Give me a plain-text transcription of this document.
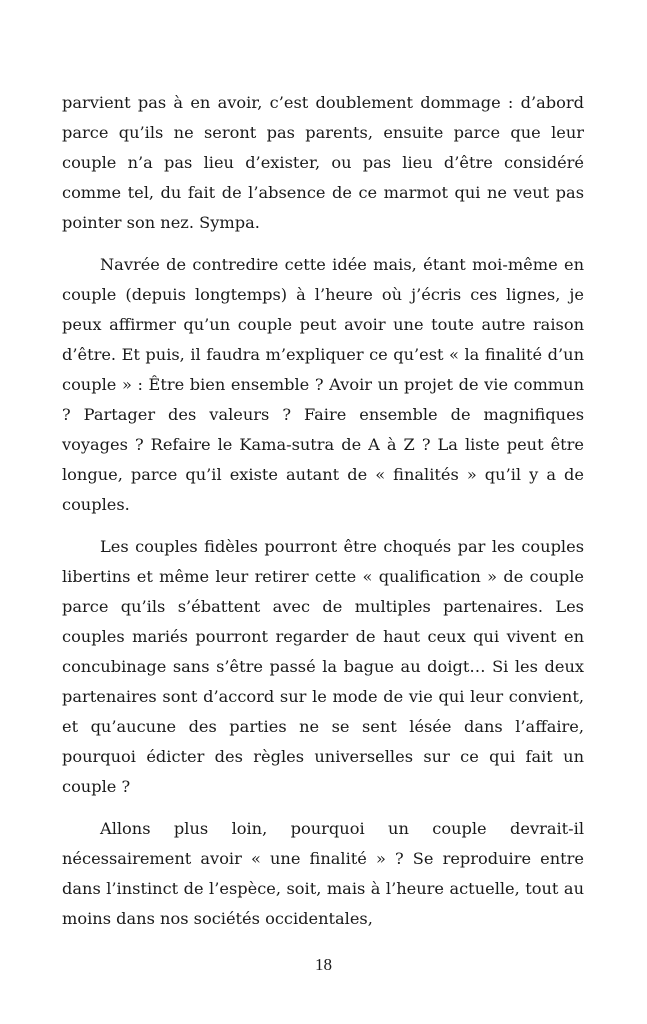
parvient pas à en avoir, c’est doublement dommage : d’abord parce qu’ils ne seront pas parents, ensuite parce que leur couple n’a pas lieu d’exister, ou pas lieu d’être considéré comme tel, du fait de l’absence de ce marmot qui ne veut pas pointer son nez. Sympa.

Navrée de contredire cette idée mais, étant moi-même en couple (depuis longtemps) à l’heure où j’écris ces lignes, je peux affirmer qu’un couple peut avoir une toute autre raison d’être. Et puis, il faudra m’expliquer ce qu’est « la finalité d’un couple » : Être bien ensemble ? Avoir un projet de vie commun ? Partager des valeurs ? Faire ensemble de magnifiques voyages ? Refaire le Kama-sutra de A à Z ? La liste peut être longue, parce qu’il existe autant de « finalités » qu’il y a de couples.

Les couples fidèles pourront être choqués par les couples libertins et même leur retirer cette « qualification » de couple parce qu’ils s’ébattent avec de multiples partenaires. Les couples mariés pourront regarder de haut ceux qui vivent en concubinage sans s’être passé la bague au doigt… Si les deux partenaires sont d’accord sur le mode de vie qui leur convient, et qu’aucune des parties ne se sent lésée dans l’affaire, pourquoi édicter des règles universelles sur ce qui fait un couple ?

Allons plus loin, pourquoi un couple devrait-il nécessairement avoir « une finalité » ? Se reproduire entre dans l’instinct de l’espèce, soit, mais à l’heure actuelle, tout au moins dans nos sociétés occidentales,

18
